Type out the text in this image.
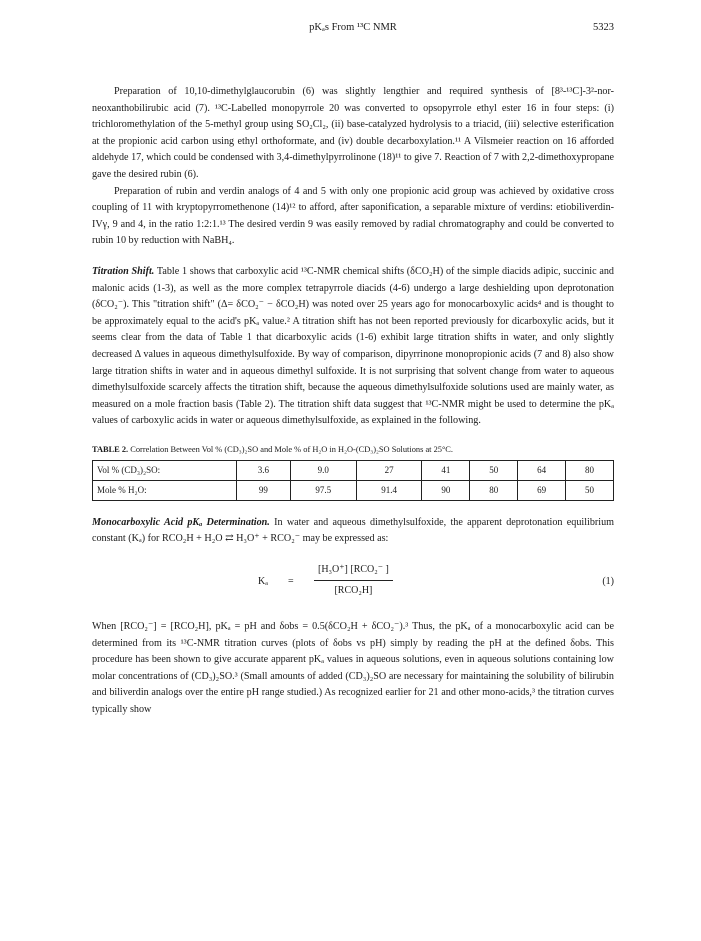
pKₐs From ¹³C NMR	5323

Preparation of 10,10-dimethylglaucorubin (6) was slightly lengthier and required synthesis of [8³-¹³C]-3²-nor-neoxanthobilirubic acid (7). ¹³C-Labelled monopyrrole 20 was converted to opsopyrrole ethyl ester 16 in four steps: (i) trichloromethylation of the 5-methyl group using SO₂Cl₂, (ii) base-catalyzed hydrolysis to a triacid, (iii) selective esterification at the propionic acid carbon using ethyl orthoformate, and (iv) double decarboxylation.¹¹ A Vilsmeier reaction on 16 afforded aldehyde 17, which could be condensed with 3,4-dimethylpyrrolinone (18)¹¹ to give 7. Reaction of 7 with 2,2-dimethoxypropane gave the desired rubin (6).

Preparation of rubin and verdin analogs of 4 and 5 with only one propionic acid group was achieved by oxidative cross coupling of 11 with kryptopyrromethenone (14)¹² to afford, after saponification, a separable mixture of verdins: etiobiliverdin-IVγ, 9 and 4, in the ratio 1:2:1.¹³ The desired verdin 9 was easily removed by radial chromatography and could be converted to rubin 10 by reduction with NaBH₄.

Titration Shift. Table 1 shows that carboxylic acid ¹³C-NMR chemical shifts (δCO₂H) of the simple diacids adipic, succinic and malonic acids (1-3), as well as the more complex tetrapyrrole diacids (4-6) undergo a large deshielding upon deprotonation (δCO₂⁻). This "titration shift" (Δ= δCO₂⁻ − δCO₂H) was noted over 25 years ago for monocarboxylic acids⁴ and is thought to be approximately equal to the acid's pKₐ value.² A titration shift has not been reported previously for dicarboxylic acids, but it seems clear from the data of Table 1 that dicarboxylic acids (1-6) exhibit large titration shifts in water, and only slightly decreased Δ values in aqueous dimethylsulfoxide. By way of comparison, dipyrrinone monopropionic acids (7 and 8) also show large titration shifts in water and in aqueous dimethyl sulfoxide. It is not surprising that solvent change from water to aqueous dimethylsulfoxide scarcely affects the titration shift, because the aqueous dimethylsulfoxide solutions used are mainly water, as measured on a mole fraction basis (Table 2). The titration shift data suggest that ¹³C-NMR might be used to determine the pKₐ values of carboxylic acids in water or aqueous dimethylsulfoxide, as explained in the following.

TABLE 2. Correlation Between Vol % (CD₃)₂SO and Mole % of H₂O in H₂O-(CD₃)₂SO Solutions at 25°C.

Vol % (CD₃)₂SO:	3.6	9.0	27	41	50	64	80
Mole % H₂O:	99	97.5	91.4	90	80	69	50

Monocarboxylic Acid pKₐ Determination. In water and aqueous dimethylsulfoxide, the apparent deprotonation equilibrium constant (Kₐ) for RCO₂H + H₂O ⇄ H₃O⁺ + RCO₂⁻ may be expressed as:

Kₐ =
[H₃O⁺] [RCO₂⁻ ]
[RCO₂H]
(1)

When [RCO₂⁻] = [RCO₂H], pKₐ = pH and δobs = 0.5(δCO₂H + δCO₂⁻).³ Thus, the pKₐ of a monocarboxylic acid can be determined from its ¹³C-NMR titration curves (plots of δobs vs pH) simply by reading the pH at the defined δobs. This procedure has been shown to give accurate apparent pKₐ values in aqueous solutions, even in aqueous solutions containing low molar concentrations of (CD₃)₂SO.³ (Small amounts of added (CD₃)₂SO are necessary for maintaining the solubility of bilirubin and biliverdin analogs over the entire pH range studied.) As recognized earlier for 21 and other mono-acids,³ the titration curves typically show
